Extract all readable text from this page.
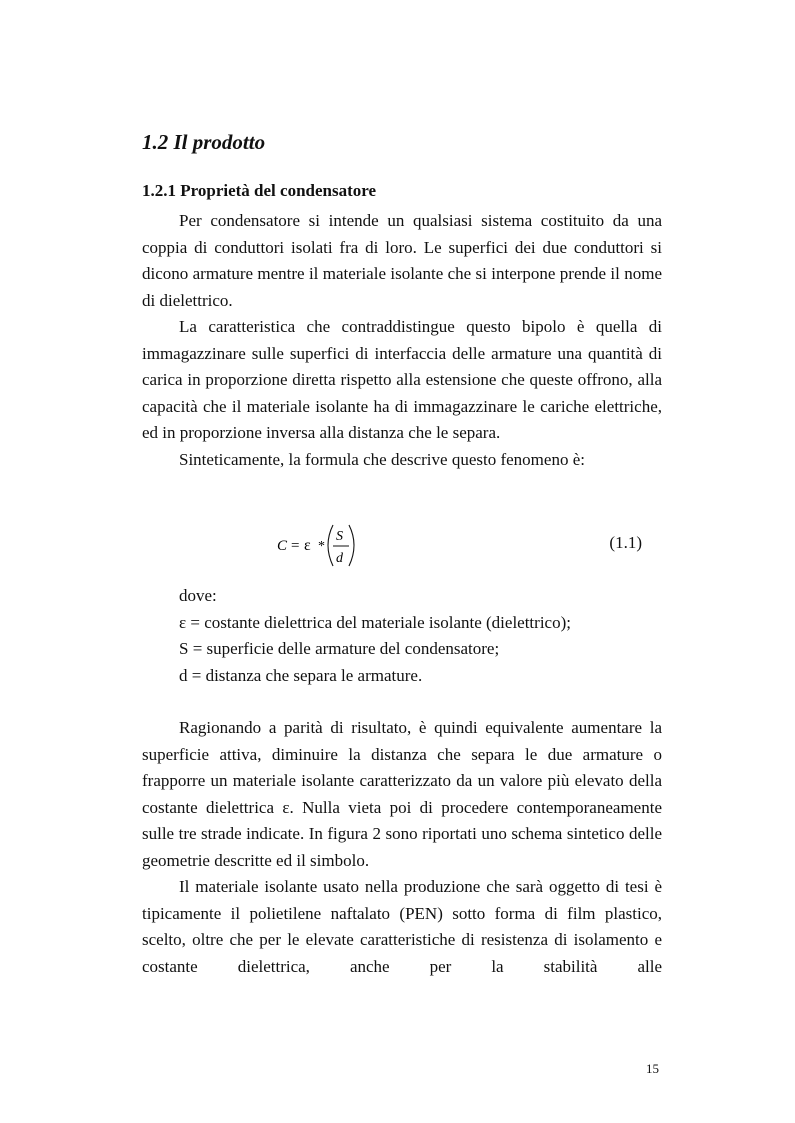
1.2 Il prodotto
1.2.1 Proprietà del condensatore

Per condensatore si intende un qualsiasi sistema costituito da una coppia di conduttori isolati fra di loro. Le superfici dei due conduttori si dicono armature mentre il materiale isolante che si interpone prende il nome di dielettrico.

La caratteristica che contraddistingue questo bipolo è quella di immagazzinare sulle superfici di interfaccia delle armature una quantità di carica in proporzione diretta rispetto alla estensione che queste offrono, alla capacità che il materiale isolante ha di immagazzinare le cariche elettriche, ed in proporzione inversa alla distanza che le separa.

Sinteticamente, la formula che descrive questo fenomeno è:

C = ε *
S
d
(1.1)

dove:

ε = costante dielettrica del materiale isolante (dielettrico);

S = superficie delle armature del condensatore;

d = distanza che separa le armature.

Ragionando a parità di risultato, è quindi equivalente aumentare la superficie attiva, diminuire la distanza che separa le due armature o frapporre un materiale isolante caratterizzato da un valore più elevato della costante dielettrica ε. Nulla vieta poi di procedere contemporaneamente sulle tre strade indicate. In figura 2 sono riportati uno schema sintetico delle geometrie descritte ed il simbolo.

Il materiale isolante usato nella produzione che sarà oggetto di tesi è tipicamente il polietilene naftalato (PEN) sotto forma di film plastico, scelto, oltre che per le elevate caratteristiche di resistenza di isolamento e costante dielettrica, anche per la stabilità alle

15
